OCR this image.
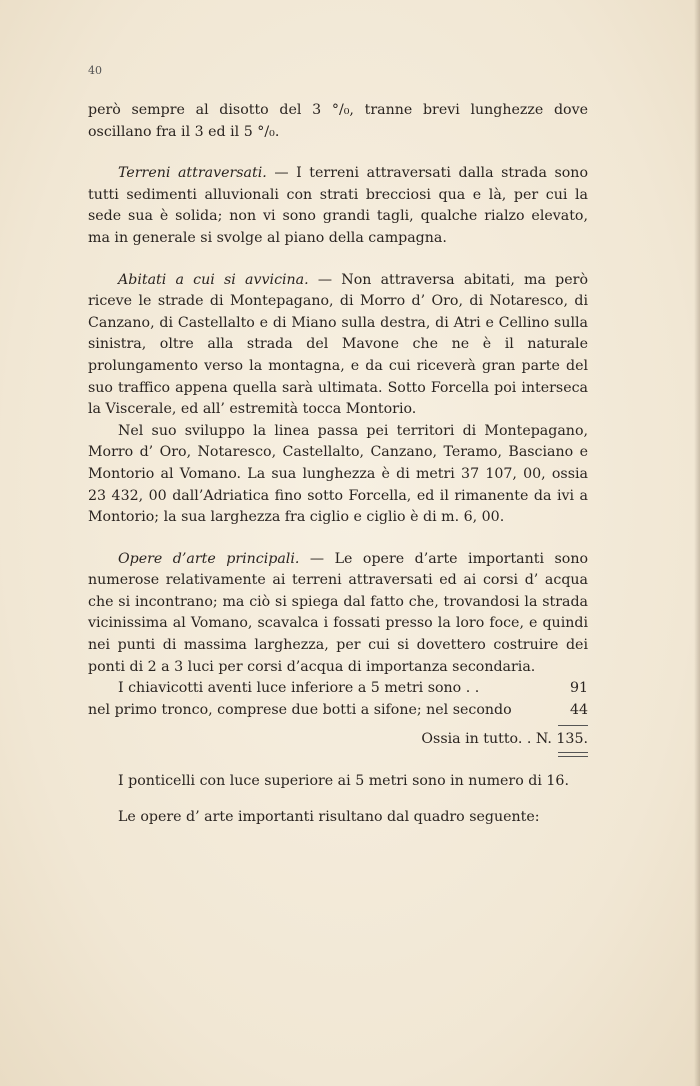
40

però sempre al disotto del 3 °/₀, tranne brevi lunghezze dove oscillano fra il 3 ed il 5 °/₀.

Terreni attraversati. — I terreni attraversati dalla strada sono tutti sedimenti alluvionali con strati brecciosi qua e là, per cui la sede sua è solida; non vi sono grandi tagli, qualche rialzo elevato, ma in generale si svolge al piano della campagna.

Abitati a cui si avvicina. — Non attraversa abitati, ma però riceve le strade di Montepagano, di Morro d’ Oro, di Notaresco, di Canzano, di Castellalto e di Miano sulla destra, di Atri e Cellino sulla sinistra, oltre alla strada del Mavone che ne è il naturale prolungamento verso la montagna, e da cui riceverà gran parte del suo traffico appena quella sarà ultimata. Sotto Forcella poi interseca la Viscerale, ed all’ estremità tocca Montorio.

Nel suo sviluppo la linea passa pei territori di Montepagano, Morro d’ Oro, Notaresco, Castellalto, Canzano, Teramo, Basciano e Montorio al Vomano. La sua lunghezza è di metri 37 107, 00, ossia 23 432, 00 dall’Adriatica fino sotto Forcella, ed il rimanente da ivi a Montorio; la sua larghezza fra ciglio e ciglio è di m. 6, 00.

Opere d’arte principali. — Le opere d’arte importanti sono numerose relativamente ai terreni attraversati ed ai corsi d’ acqua che si incontrano; ma ciò si spiega dal fatto che, trovandosi la strada vicinissima al Vomano, scavalca i fossati presso la loro foce, e quindi nei punti di massima larghezza, per cui si dovettero costruire dei ponti di 2 a 3 luci per corsi d’acqua di importanza secondaria.

I chiavicotti aventi luce inferiore a 5 metri sono . .	91
nel primo tronco, comprese due botti a sifone; nel secondo	44
Ossia in tutto. . N. 135.

I ponticelli con luce superiore ai 5 metri sono in numero di 16.

Le opere d’ arte importanti risultano dal quadro seguente:
